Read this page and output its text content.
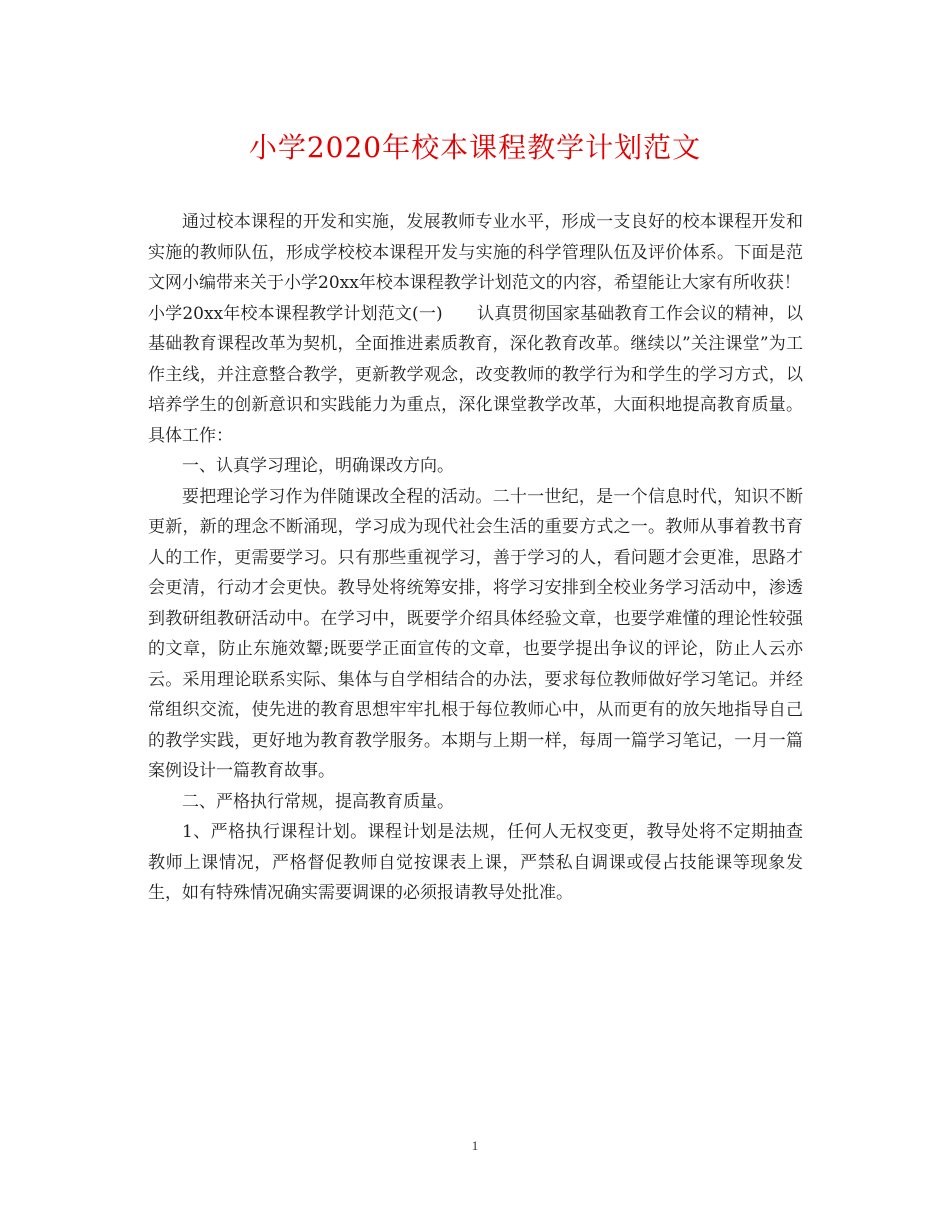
小学2020年校本课程教学计划范文

通过校本课程的开发和实施，发展教师专业水平，形成一支良好的校本课程开发和实施的教师队伍，形成学校校本课程开发与实施的科学管理队伍及评价体系。下面是范文网小编带来关于小学20xx年校本课程教学计划范文的内容，希望能让大家有所收获！

小学20xx年校本课程教学计划范文(一)　　认真贯彻国家基础教育工作会议的精神，以基础教育课程改革为契机，全面推进素质教育，深化教育改革。继续以”关注课堂”为工作主线，并注意整合教学，更新教学观念，改变教师的教学行为和学生的学习方式，以培养学生的创新意识和实践能力为重点，深化课堂教学改革，大面积地提高教育质量。具体工作：

一、认真学习理论，明确课改方向。

要把理论学习作为伴随课改全程的活动。二十一世纪，是一个信息时代，知识不断更新，新的理念不断涌现，学习成为现代社会生活的重要方式之一。教师从事着教书育人的工作，更需要学习。只有那些重视学习，善于学习的人，看问题才会更准，思路才会更清，行动才会更快。教导处将统筹安排，将学习安排到全校业务学习活动中，渗透到教研组教研活动中。在学习中，既要学介绍具体经验文章，也要学难懂的理论性较强的文章，防止东施效颦;既要学正面宣传的文章，也要学提出争议的评论，防止人云亦云。采用理论联系实际、集体与自学相结合的办法，要求每位教师做好学习笔记。并经常组织交流，使先进的教育思想牢牢扎根于每位教师心中，从而更有的放矢地指导自己的教学实践，更好地为教育教学服务。本期与上期一样，每周一篇学习笔记，一月一篇案例设计一篇教育故事。

二、严格执行常规，提高教育质量。

1、严格执行课程计划。课程计划是法规，任何人无权变更，教导处将不定期抽查教师上课情况，严格督促教师自觉按课表上课，严禁私自调课或侵占技能课等现象发生，如有特殊情况确实需要调课的必须报请教导处批准。

1
